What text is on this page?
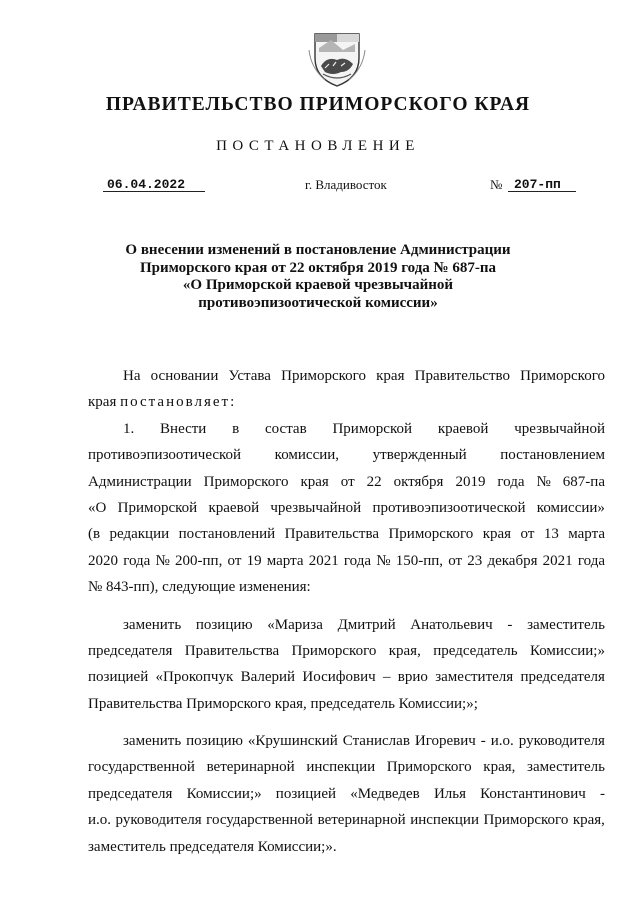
ПРАВИТЕЛЬСТВО ПРИМОРСКОГО КРАЯ
ПОСТАНОВЛЕНИЕ
06.04.2022	г. Владивосток	№ 207-пп
О внесении изменений в постановление Администрации
Приморского края от 22 октября 2019 года № 687-па
«О Приморской краевой чрезвычайной
противоэпизоотической комиссии»
На основании Устава Приморского края Правительство Приморского
края постановляет:
1. Внести в состав Приморской краевой чрезвычайной
противоэпизоотической комиссии, утвержденный постановлением
Администрации Приморского края от 22 октября 2019 года № 687-па
«О Приморской краевой чрезвычайной противоэпизоотической комиссии»
(в редакции постановлений Правительства Приморского края от 13 марта
2020 года № 200-пп, от 19 марта 2021 года № 150-пп, от 23 декабря 2021 года
№ 843-пп), следующие изменения:
заменить позицию «Мариза Дмитрий Анатольевич - заместитель
председателя Правительства Приморского края, председатель Комиссии;»
позицией «Прокопчук Валерий Иосифович – врио заместителя председателя
Правительства Приморского края, председатель Комиссии;»;
заменить позицию «Крушинский Станислав Игоревич - и.о. руководителя
государственной ветеринарной инспекции Приморского края, заместитель
председателя Комиссии;» позицией «Медведев Илья Константинович -
и.о. руководителя государственной ветеринарной инспекции Приморского края,
заместитель председателя Комиссии;».
